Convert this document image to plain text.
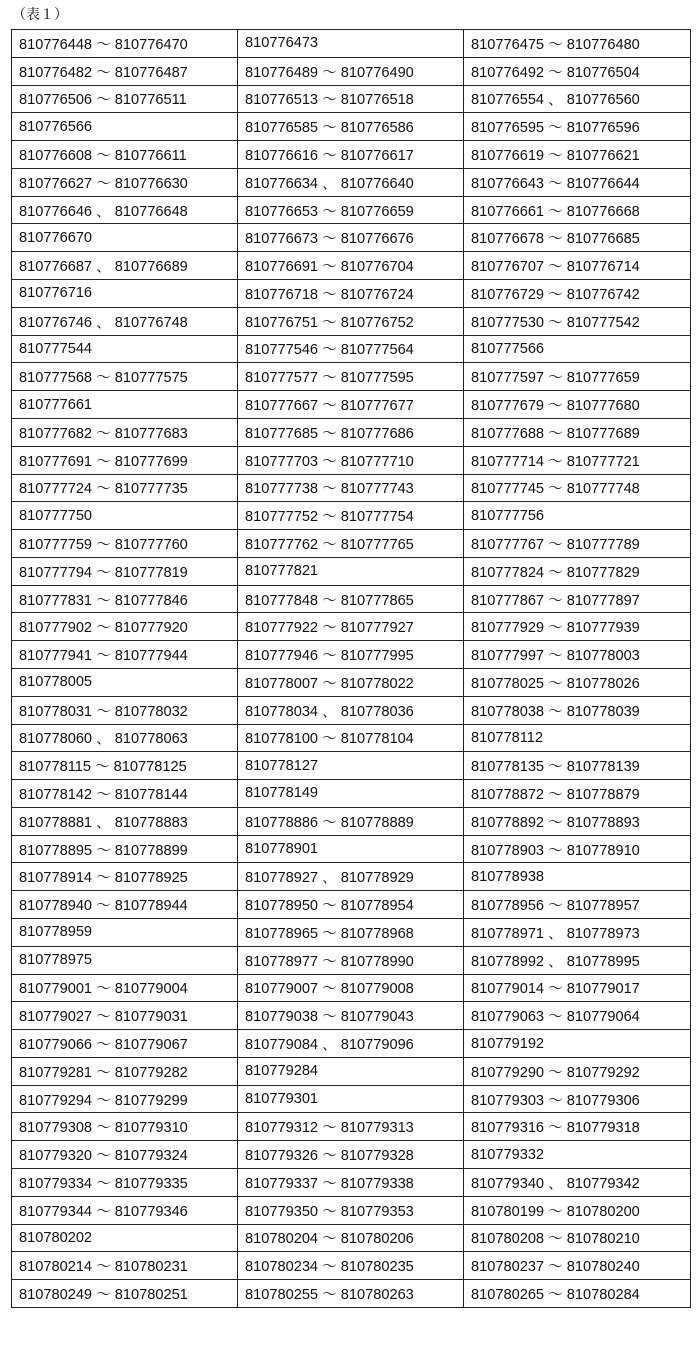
（表１）
810776448 ～ 810776470	810776473	810776475 ～ 810776480
810776482 ～ 810776487	810776489 ～ 810776490	810776492 ～ 810776504
810776506 ～ 810776511	810776513 ～ 810776518	810776554 、 810776560
810776566	810776585 ～ 810776586	810776595 ～ 810776596
810776608 ～ 810776611	810776616 ～ 810776617	810776619 ～ 810776621
810776627 ～ 810776630	810776634 、 810776640	810776643 ～ 810776644
810776646 、 810776648	810776653 ～ 810776659	810776661 ～ 810776668
810776670	810776673 ～ 810776676	810776678 ～ 810776685
810776687 、 810776689	810776691 ～ 810776704	810776707 ～ 810776714
810776716	810776718 ～ 810776724	810776729 ～ 810776742
810776746 、 810776748	810776751 ～ 810776752	810777530 ～ 810777542
810777544	810777546 ～ 810777564	810777566
810777568 ～ 810777575	810777577 ～ 810777595	810777597 ～ 810777659
810777661	810777667 ～ 810777677	810777679 ～ 810777680
810777682 ～ 810777683	810777685 ～ 810777686	810777688 ～ 810777689
810777691 ～ 810777699	810777703 ～ 810777710	810777714 ～ 810777721
810777724 ～ 810777735	810777738 ～ 810777743	810777745 ～ 810777748
810777750	810777752 ～ 810777754	810777756
810777759 ～ 810777760	810777762 ～ 810777765	810777767 ～ 810777789
810777794 ～ 810777819	810777821	810777824 ～ 810777829
810777831 ～ 810777846	810777848 ～ 810777865	810777867 ～ 810777897
810777902 ～ 810777920	810777922 ～ 810777927	810777929 ～ 810777939
810777941 ～ 810777944	810777946 ～ 810777995	810777997 ～ 810778003
810778005	810778007 ～ 810778022	810778025 ～ 810778026
810778031 ～ 810778032	810778034 、 810778036	810778038 ～ 810778039
810778060 、 810778063	810778100 ～ 810778104	810778112
810778115 ～ 810778125	810778127	810778135 ～ 810778139
810778142 ～ 810778144	810778149	810778872 ～ 810778879
810778881 、 810778883	810778886 ～ 810778889	810778892 ～ 810778893
810778895 ～ 810778899	810778901	810778903 ～ 810778910
810778914 ～ 810778925	810778927 、 810778929	810778938
810778940 ～ 810778944	810778950 ～ 810778954	810778956 ～ 810778957
810778959	810778965 ～ 810778968	810778971 、 810778973
810778975	810778977 ～ 810778990	810778992 、 810778995
810779001 ～ 810779004	810779007 ～ 810779008	810779014 ～ 810779017
810779027 ～ 810779031	810779038 ～ 810779043	810779063 ～ 810779064
810779066 ～ 810779067	810779084 、 810779096	810779192
810779281 ～ 810779282	810779284	810779290 ～ 810779292
810779294 ～ 810779299	810779301	810779303 ～ 810779306
810779308 ～ 810779310	810779312 ～ 810779313	810779316 ～ 810779318
810779320 ～ 810779324	810779326 ～ 810779328	810779332
810779334 ～ 810779335	810779337 ～ 810779338	810779340 、 810779342
810779344 ～ 810779346	810779350 ～ 810779353	810780199 ～ 810780200
810780202	810780204 ～ 810780206	810780208 ～ 810780210
810780214 ～ 810780231	810780234 ～ 810780235	810780237 ～ 810780240
810780249 ～ 810780251	810780255 ～ 810780263	810780265 ～ 810780284
